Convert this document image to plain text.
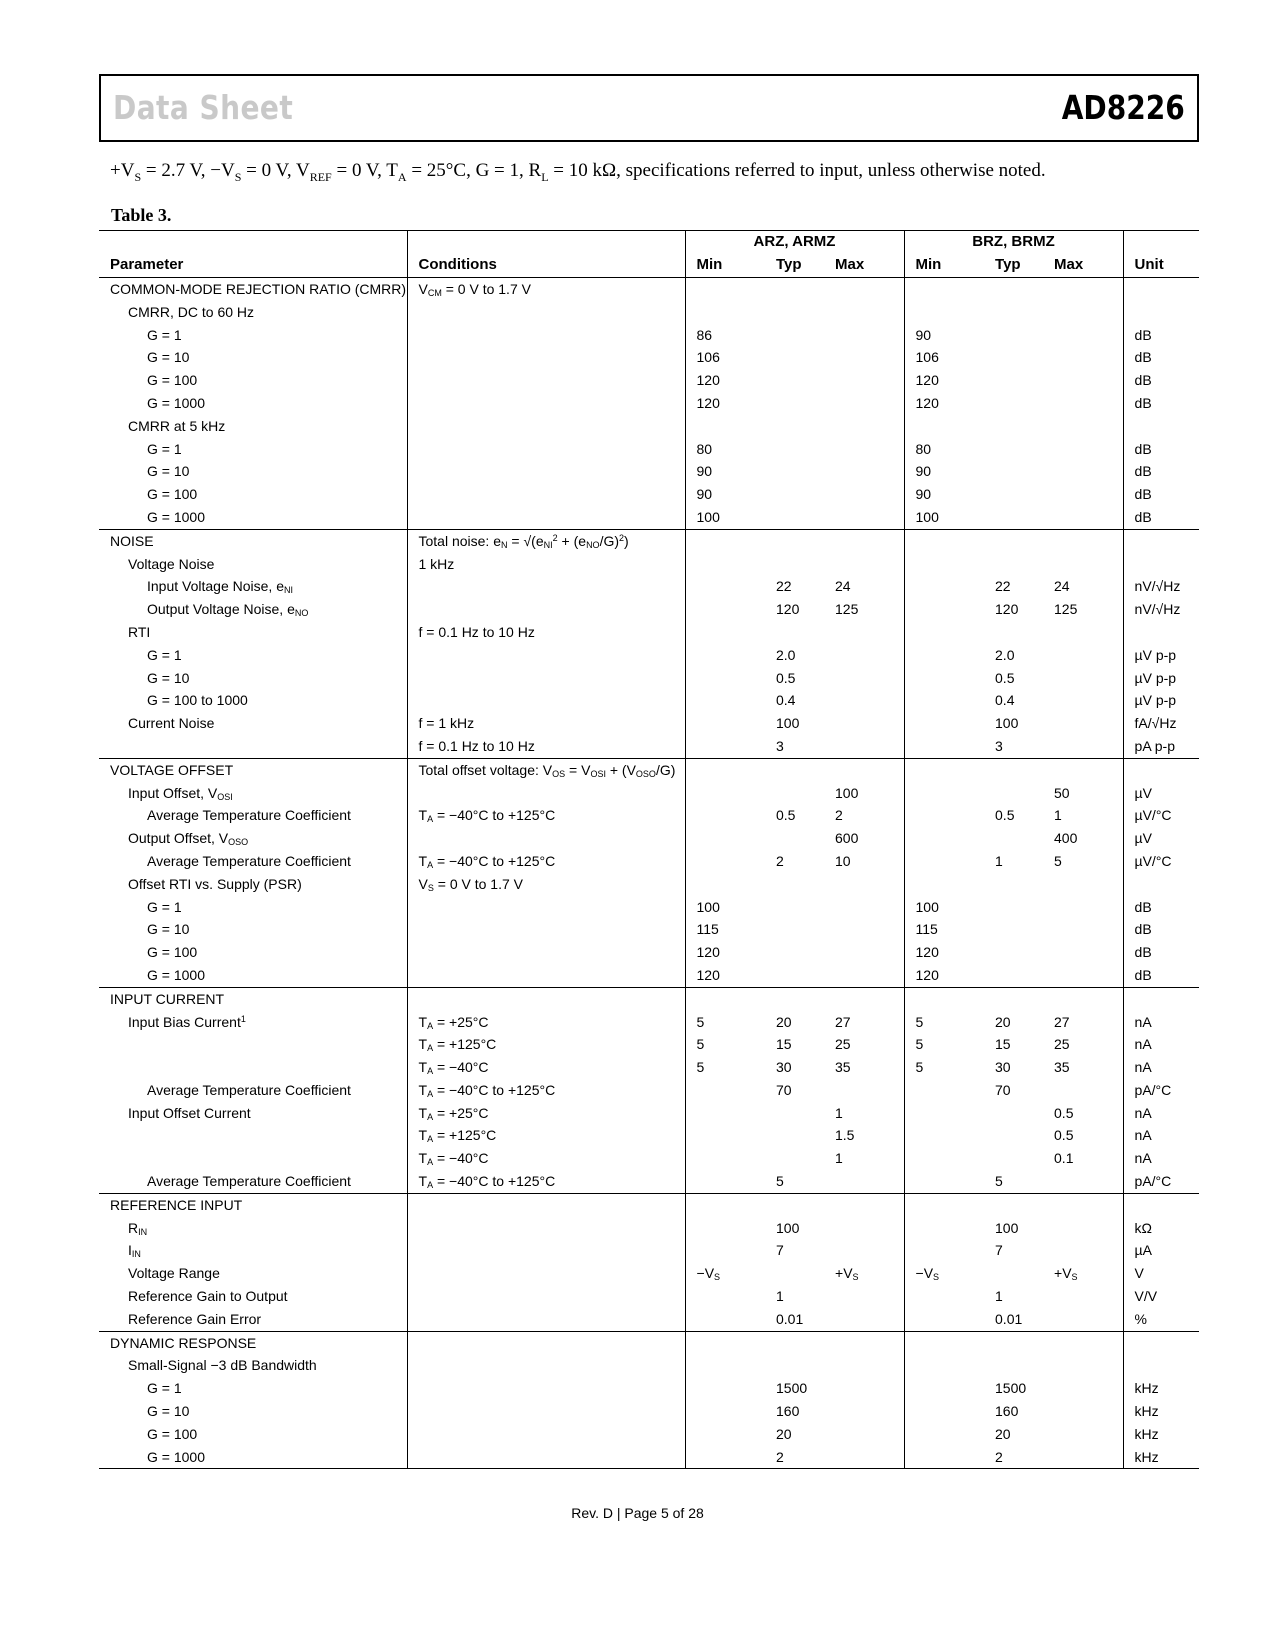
Data Sheet	AD8226
$+V_S = 2.7$ V, $-V_S = 0$ V, $V_{REF} = 0$ V, $T_A = 25^\circ C$, G = 1, $R_L = 10$ kΩ, specifications referred to input, unless otherwise noted.
Table 3.
		ARZ, ARMZ			BRZ, BRMZ			
Parameter	Conditions	Min	Typ	Max	Min	Typ	Max	Unit
COMMON-MODE REJECTION RATIO (CMRR)	$V_{CM} = 0$ V to 1.7 V							
CMRR, DC to 60 Hz								
G = 1		86			90			dB
G = 10		106			106			dB
G = 100		120			120			dB
G = 1000		120			120			dB
CMRR at 5 kHz								
G = 1		80			80			dB
G = 10		90			90			dB
G = 100		90			90			dB
G = 1000		100			100			dB
NOISE	Total noise: $e_N = √(e_{NI}^2 + (e_{NO}/G)^2)$							
Voltage Noise	1 kHz							
Input Voltage Noise, $e_{NI}$			22	24		22	24	nV/√Hz
Output Voltage Noise, $e_{NO}$			120	125		120	125	nV/√Hz
RTI	f = 0.1 Hz to 10 Hz							
G = 1			2.0			2.0		µV p-p
G = 10			0.5			0.5		µV p-p
G = 100 to 1000			0.4			0.4		µV p-p
Current Noise	f = 1 kHz		100			100		fA/√Hz
	f = 0.1 Hz to 10 Hz		3			3		pA p-p
VOLTAGE OFFSET	Total offset voltage: $V_{OS} = V_{OSI} + (V_{OSO}/G)$							
Input Offset, $V_{OSI}$				100			50	µV
Average Temperature Coefficient	$T_A = -40^\circ C$ to +125°C		0.5	2		0.5	1	µV/°C
Output Offset, $V_{OSO}$				600			400	µV
Average Temperature Coefficient	$T_A = -40^\circ C$ to +125°C		2	10		1	5	µV/°C
Offset RTI vs. Supply (PSR)	$V_S = 0$ V to 1.7 V							
G = 1		100			100			dB
G = 10		115			115			dB
G = 100		120			120			dB
G = 1000		120			120			dB
INPUT CURRENT								
Input Bias Current$^1$	$T_A = +25^\circ C$	5	20	27	5	20	27	nA
	$T_A = +125^\circ C$	5	15	25	5	15	25	nA
	$T_A = -40^\circ C$	5	30	35	5	30	35	nA
Average Temperature Coefficient	$T_A = -40^\circ C$ to +125°C		70			70		pA/°C
Input Offset Current	$T_A = +25^\circ C$			1			0.5	nA
	$T_A = +125^\circ C$			1.5			0.5	nA
	$T_A = -40^\circ C$			1			0.1	nA
Average Temperature Coefficient	$T_A = -40^\circ C$ to +125°C		5			5		pA/°C
REFERENCE INPUT								
$R_{IN}$			100			100		kΩ
$I_{IN}$			7			7		µA
Voltage Range		$-V_S$		$+V_S$	$-V_S$		$+V_S$	V
Reference Gain to Output			1			1		V/V
Reference Gain Error			0.01			0.01		%
DYNAMIC RESPONSE								
Small-Signal −3 dB Bandwidth								
G = 1			1500			1500		kHz
G = 10			160			160		kHz
G = 100			20			20		kHz
G = 1000			2			2		kHz
Rev. D | Page 5 of 28
